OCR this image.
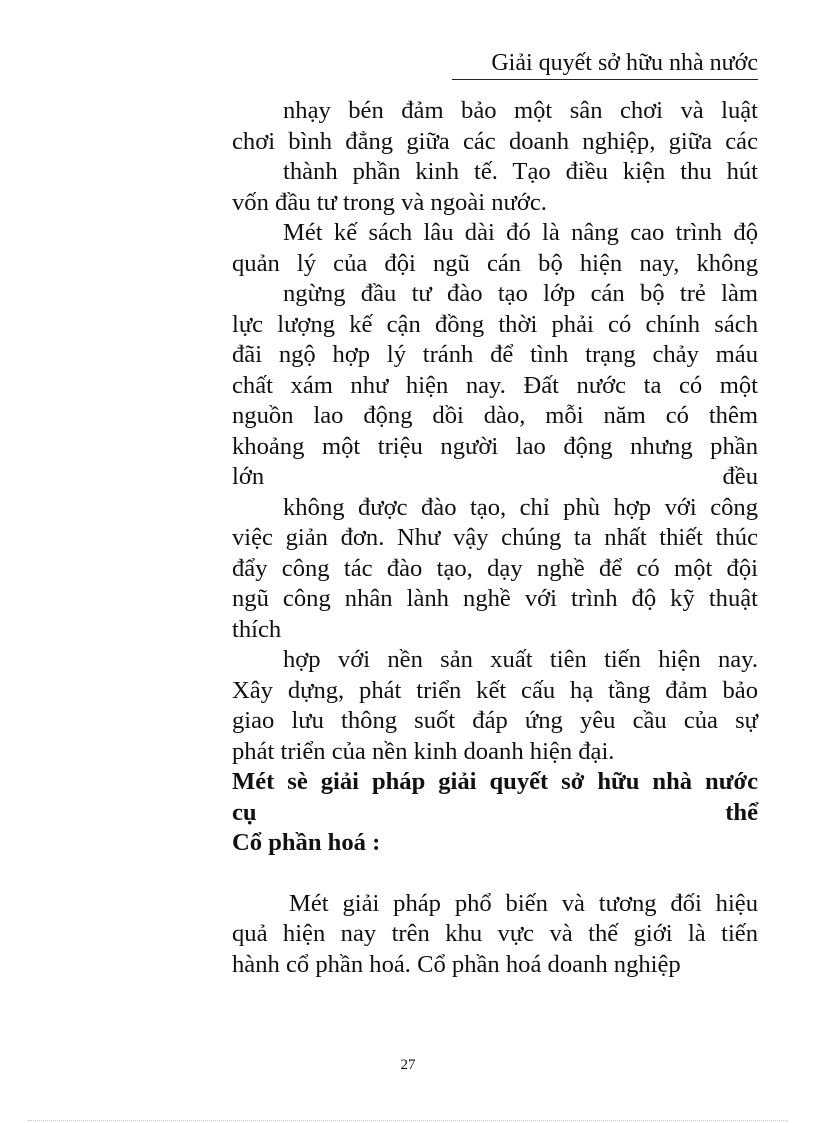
Giải quyết sở hữu nhà nước
nhạy bén đảm bảo một sân chơi và luật
chơi bình đẳng giữa các doanh nghiệp, giữa các
thành phần kinh tế. Tạo điều kiện thu hút
vốn đầu tư trong và ngoài nước.
Mét kế sách lâu dài đó là nâng cao trình độ
quản lý của đội ngũ cán bộ hiện nay, không
ngừng đầu tư đào tạo lớp cán bộ trẻ làm
lực lượng kế cận đồng thời phải có chính sách
đãi ngộ hợp lý tránh để tình trạng chảy máu
chất xám như hiện nay. Đất nước ta có một
nguồn lao động dồi dào, mỗi năm có thêm
khoảng một triệu người lao động nhưng phần
lớn đều
không được đào tạo, chỉ phù hợp với công
việc giản đơn. Như vậy chúng ta nhất thiết thúc
đẩy công tác đào tạo, dạy nghề để có một đội
ngũ công nhân lành nghề với trình độ kỹ thuật
thích
hợp với nền sản xuất tiên tiến hiện nay.
Xây dựng, phát triển kết cấu hạ tầng đảm bảo
giao lưu thông suốt đáp ứng yêu cầu của sự
phát triển của nền kinh doanh hiện đại.
Mét sè giải pháp giải quyết sở hữu nhà nước
cụ thể
Cổ phần hoá :
Mét giải pháp phổ biến và tương đối hiệu
quả hiện nay trên khu vực và thế giới là tiến
hành cổ phần hoá. Cổ phần hoá doanh nghiệp
27
